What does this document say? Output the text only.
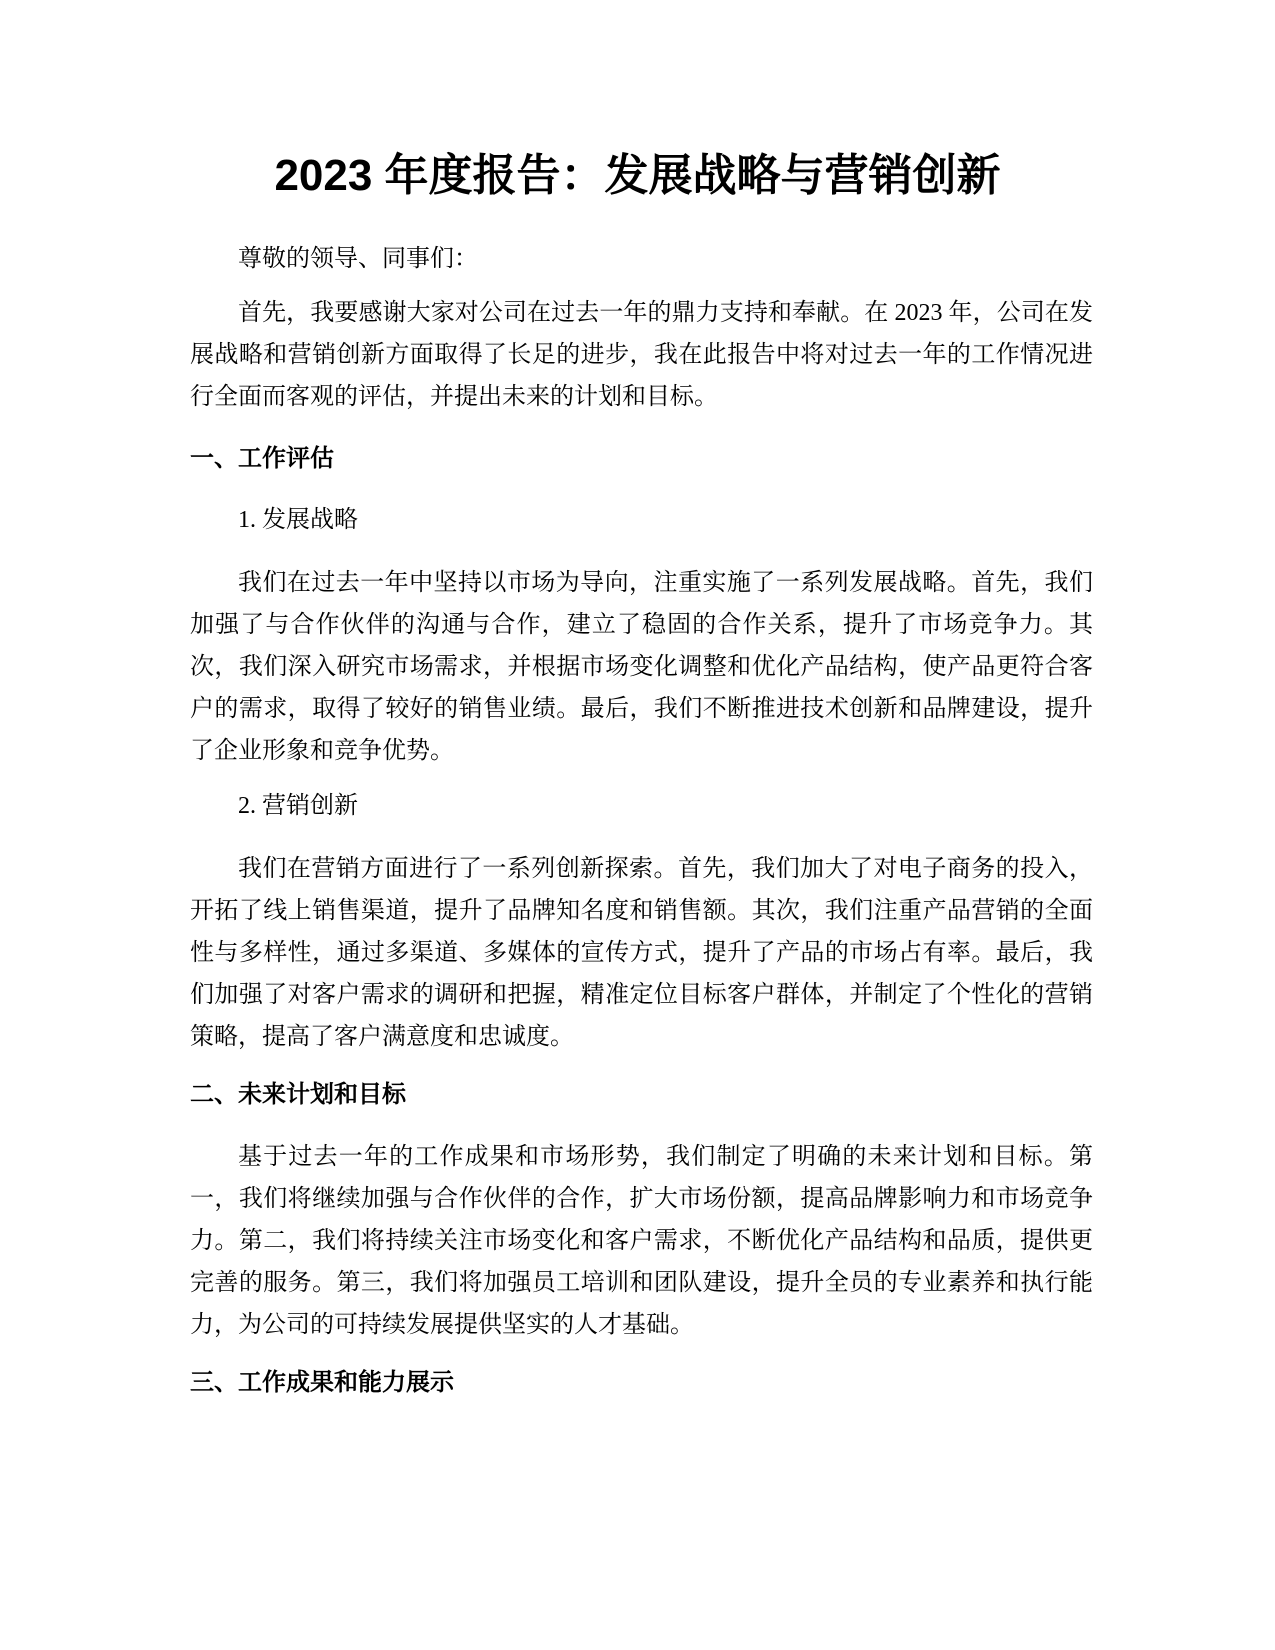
2023 年度报告：发展战略与营销创新

尊敬的领导、同事们：

首先，我要感谢大家对公司在过去一年的鼎力支持和奉献。在 2023 年，公司在发展战略和营销创新方面取得了长足的进步，我在此报告中将对过去一年的工作情况进行全面而客观的评估，并提出未来的计划和目标。

一、工作评估

1. 发展战略

我们在过去一年中坚持以市场为导向，注重实施了一系列发展战略。首先，我们加强了与合作伙伴的沟通与合作，建立了稳固的合作关系，提升了市场竞争力。其次，我们深入研究市场需求，并根据市场变化调整和优化产品结构，使产品更符合客户的需求，取得了较好的销售业绩。最后，我们不断推进技术创新和品牌建设，提升了企业形象和竞争优势。

2. 营销创新

我们在营销方面进行了一系列创新探索。首先，我们加大了对电子商务的投入，开拓了线上销售渠道，提升了品牌知名度和销售额。其次，我们注重产品营销的全面性与多样性，通过多渠道、多媒体的宣传方式，提升了产品的市场占有率。最后，我们加强了对客户需求的调研和把握，精准定位目标客户群体，并制定了个性化的营销策略，提高了客户满意度和忠诚度。

二、未来计划和目标

基于过去一年的工作成果和市场形势，我们制定了明确的未来计划和目标。第一，我们将继续加强与合作伙伴的合作，扩大市场份额，提高品牌影响力和市场竞争力。第二，我们将持续关注市场变化和客户需求，不断优化产品结构和品质，提供更完善的服务。第三，我们将加强员工培训和团队建设，提升全员的专业素养和执行能力，为公司的可持续发展提供坚实的人才基础。

三、工作成果和能力展示
